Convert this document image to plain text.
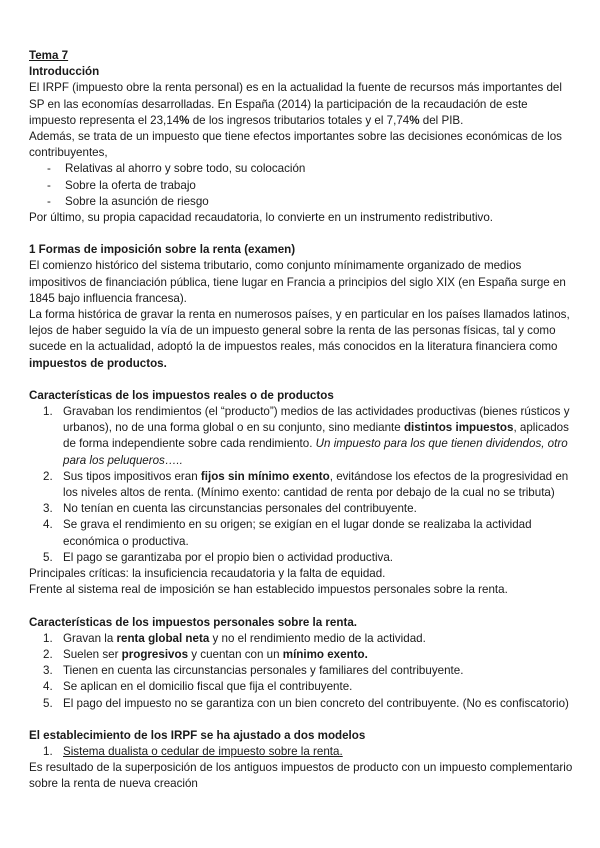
Tema 7

Introducción

El IRPF (impuesto obre la renta personal) es en la actualidad la fuente de recursos más importantes del SP en las economías desarrolladas. En España (2014) la participación de la recaudación de este impuesto representa el 23,14% de los ingresos tributarios totales y el 7,74% del PIB.

Además, se trata de un impuesto que tiene efectos importantes sobre las decisiones económicas de los contribuyentes,

- Relativas al ahorro y sobre todo, su colocación
- Sobre la oferta de trabajo
- Sobre la asunción de riesgo

Por último, su propia capacidad recaudatoria, lo convierte en un instrumento redistributivo.

1 Formas de imposición sobre la renta (examen)

El comienzo histórico del sistema tributario, como conjunto mínimamente organizado de medios impositivos de financiación pública, tiene lugar en Francia a principios del siglo XIX (en España surge en 1845 bajo influencia francesa).

La forma histórica de gravar la renta en numerosos países, y en particular en los países llamados latinos, lejos de haber seguido la vía de un impuesto general sobre la renta de las personas físicas, tal y como sucede en la actualidad, adoptó la de impuestos reales, más conocidos en la literatura financiera como impuestos de productos.

Características de los impuestos reales o de productos

1. Gravaban los rendimientos (el “producto”) medios de las actividades productivas (bienes rústicos y urbanos), no de una forma global o en su conjunto, sino mediante distintos impuestos, aplicados de forma independiente sobre cada rendimiento. Un impuesto para los que tienen dividendos, otro para los peluqueros…..
2. Sus tipos impositivos eran fijos sin mínimo exento, evitándose los efectos de la progresividad en los niveles altos de renta. (Mínimo exento: cantidad de renta por debajo de la cual no se tributa)
3. No tenían en cuenta las circunstancias personales del contribuyente.
4. Se grava el rendimiento en su origen; se exigían en el lugar donde se realizaba la actividad económica o productiva.
5. El pago se garantizaba por el propio bien o actividad productiva.

Principales críticas: la insuficiencia recaudatoria y la falta de equidad.

Frente al sistema real de imposición se han establecido impuestos personales sobre la renta.

Características de los impuestos personales sobre la renta.

1. Gravan la renta global neta y no el rendimiento medio de la actividad.
2. Suelen ser progresivos y cuentan con un mínimo exento.
3. Tienen en cuenta las circunstancias personales y familiares del contribuyente.
4. Se aplican en el domicilio fiscal que fija el contribuyente.
5. El pago del impuesto no se garantiza con un bien concreto del contribuyente. (No es confiscatorio)

El establecimiento de los IRPF se ha ajustado a dos modelos

1. Sistema dualista o cedular de impuesto sobre la renta.

Es resultado de la superposición de los antiguos impuestos de producto con un impuesto complementario sobre la renta de nueva creación
